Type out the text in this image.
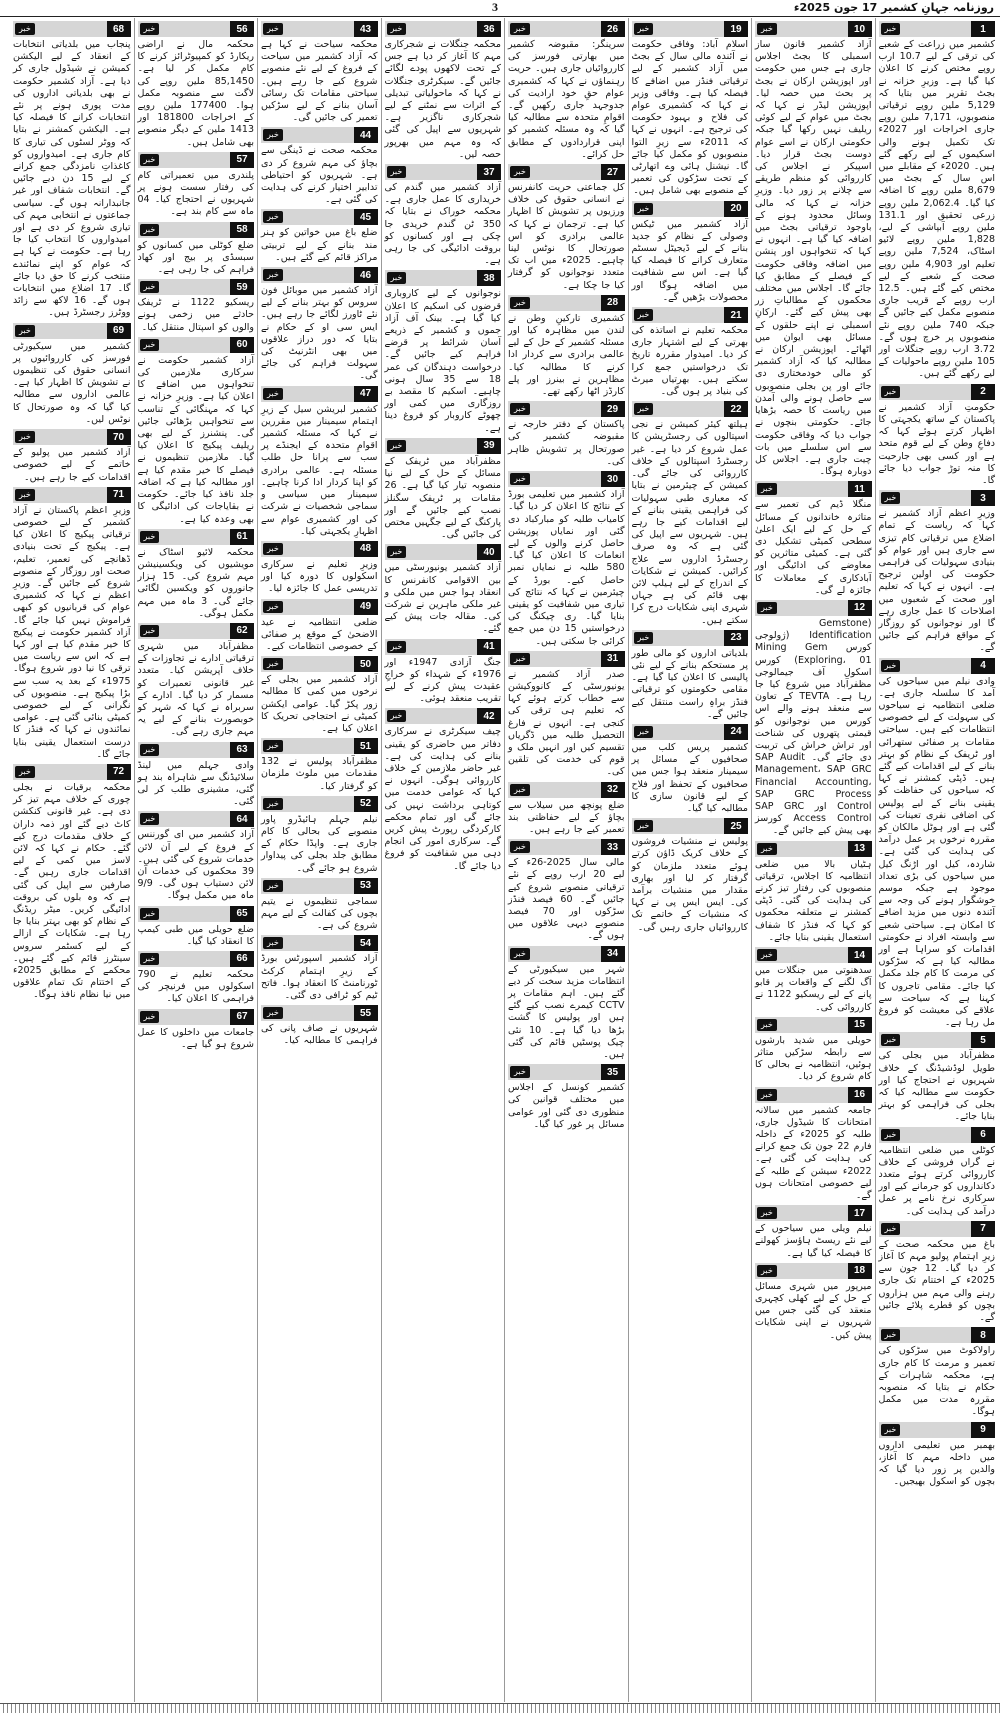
3	روزنامہ جہانِ کشمیر 17 جون 2025ء
1
خبر
کشمیر میں زراعت کے شعبے کی ترقی کے لیے 10.7 ارب روپے مختص کرنے کا اعلان کیا گیا ہے۔ وزیرِ خزانہ نے بجٹ تقریر میں بتایا کہ 5,129 ملین روپے ترقیاتی منصوبوں، 7,171 ملین روپے جاری اخراجات اور 2027ء تک تکمیل ہونے والی اسکیموں کے لیے رکھے گئے ہیں۔ 2020ء کے مقابلے میں اس سال کے بجٹ میں 8,679 ملین روپے کا اضافہ کیا گیا۔ 2,062.4 ملین روپے زرعی تحقیق اور 131.1 ملین روپے آبپاشی کے لیے، 1,828 ملین روپے لائیو اسٹاک، 7,524 ملین روپے تعلیم اور 4,903 ملین روپے صحت کے شعبے کے لیے مختص کیے گئے ہیں۔ 12.5 ارب روپے کے قریب جاری منصوبے مکمل کیے جائیں گے جبکہ 740 ملین روپے نئے منصوبوں پر خرچ ہوں گے۔ 3.72 ارب روپے جنگلات اور 105 ملین روپے ماحولیات کے لیے رکھے گئے ہیں۔
2
خبر
حکومتِ آزاد کشمیر نے پاکستان کے ساتھ یکجہتی کا اظہار کرتے ہوئے کہا کہ دفاعِ وطن کے لیے قوم متحد ہے اور کسی بھی جارحیت کا منہ توڑ جواب دیا جائے گا۔
3
خبر
وزیرِ اعظم آزاد کشمیر نے کہا کہ ریاست کے تمام اضلاع میں ترقیاتی کام تیزی سے جاری ہیں اور عوام کو بنیادی سہولیات کی فراہمی حکومت کی اولین ترجیح ہے۔ انہوں نے کہا کہ تعلیم اور صحت کے شعبوں میں اصلاحات کا عمل جاری رہے گا اور نوجوانوں کو روزگار کے مواقع فراہم کیے جائیں گے۔
4
خبر
وادی نیلم میں سیاحوں کی آمد کا سلسلہ جاری ہے۔ ضلعی انتظامیہ نے سیاحوں کی سہولت کے لیے خصوصی انتظامات کیے ہیں۔ سیاحتی مقامات پر صفائی ستھرائی اور ٹریفک کے نظام کو بہتر بنانے کے لیے اقدامات کیے گئے ہیں۔ ڈپٹی کمشنر نے کہا کہ سیاحوں کی حفاظت کو یقینی بنانے کے لیے پولیس کی اضافی نفری تعینات کی گئی ہے اور ہوٹل مالکان کو مقررہ نرخوں پر عمل درآمد کی ہدایت کی گئی ہے۔ شاردہ، کیل اور اڑنگ کیل میں سیاحوں کی بڑی تعداد موجود ہے جبکہ موسم خوشگوار ہونے کی وجہ سے آئندہ دنوں میں مزید اضافے کا امکان ہے۔ سیاحتی شعبے سے وابستہ افراد نے حکومتی اقدامات کو سراہا ہے اور مطالبہ کیا ہے کہ سڑکوں کی مرمت کا کام جلد مکمل کیا جائے۔ مقامی تاجروں کا کہنا ہے کہ سیاحت سے علاقے کی معیشت کو فروغ مل رہا ہے۔
5
خبر
مظفرآباد میں بجلی کی طویل لوڈشیڈنگ کے خلاف شہریوں نے احتجاج کیا اور حکومت سے مطالبہ کیا کہ بجلی کی فراہمی کو بہتر بنایا جائے۔
6
خبر
کوٹلی میں ضلعی انتظامیہ نے گراں فروشی کے خلاف کارروائی کرتے ہوئے متعدد دکانداروں کو جرمانے کیے اور سرکاری نرخ نامے پر عمل درآمد کی ہدایت کی۔
7
خبر
باغ میں محکمہ صحت کے زیرِ اہتمام پولیو مہم کا آغاز کر دیا گیا۔ 12 جون سے 2025ء کے اختتام تک جاری رہنے والی مہم میں ہزاروں بچوں کو قطرے پلائے جائیں گے۔
8
خبر
راولاکوٹ میں سڑکوں کی تعمیر و مرمت کا کام جاری ہے، محکمہ شاہرات کے حکام نے بتایا کہ منصوبہ مقررہ مدت میں مکمل ہوگا۔
9
خبر
بھمبر میں تعلیمی اداروں میں داخلہ مہم کا آغاز، والدین پر زور دیا گیا کہ بچوں کو اسکول بھیجیں۔
10
خبر
آزاد کشمیر قانون ساز اسمبلی کا بجٹ اجلاس جاری ہے جس میں حکومت اور اپوزیشن ارکان نے بجٹ پر بحث میں حصہ لیا۔ اپوزیشن لیڈر نے کہا کہ بجٹ میں عوام کے لیے کوئی ریلیف نہیں رکھا گیا جبکہ حکومتی ارکان نے اسے عوام دوست بجٹ قرار دیا۔ اسپیکر نے اجلاس کی کارروائی کو منظم طریقے سے چلانے پر زور دیا۔ وزیرِ خزانہ نے کہا کہ مالی وسائل محدود ہونے کے باوجود ترقیاتی بجٹ میں اضافہ کیا گیا ہے۔ انہوں نے کہا کہ تنخواہوں اور پنشن میں اضافہ وفاقی حکومت کے فیصلے کے مطابق کیا جائے گا۔ اجلاس میں مختلف محکموں کے مطالباتِ زر بھی پیش کیے گئے۔ ارکانِ اسمبلی نے اپنے حلقوں کے مسائل بھی ایوان میں اٹھائے۔ اپوزیشن ارکان نے مطالبہ کیا کہ آزاد کشمیر کو مالی خودمختاری دی جائے اور پن بجلی منصوبوں سے حاصل ہونے والی آمدن میں ریاست کا حصہ بڑھایا جائے۔ حکومتی بنچوں نے جواب دیا کہ وفاقی حکومت سے اس سلسلے میں بات چیت جاری ہے۔ اجلاس کل دوبارہ ہوگا۔
11
خبر
منگلا ڈیم کی تعمیر سے متاثرہ خاندانوں کے مسائل کے حل کے لیے ایک اعلیٰ سطحی کمیٹی تشکیل دی گئی ہے۔ کمیٹی متاثرین کو معاوضے کی ادائیگی اور آبادکاری کے معاملات کا جائزہ لے گی۔
12
خبر
(Gemstone Identification (ژولوجی کورس Mining Gem Exploring، 01) کورس اسکول آف جیمالوجی مظفرآباد میں شروع کیا جا رہا ہے۔ TEVTA کے تعاون سے منعقد ہونے والے اس کورس میں نوجوانوں کو قیمتی پتھروں کی شناخت اور تراش خراش کی تربیت دی جائے گی۔ SAP Audit Management، SAP GRC Financial Accounting، SAP GRC Process Control اور SAP GRC Access Control کورسز بھی پیش کیے جائیں گے۔
13
خبر
ہٹیاں بالا میں ضلعی انتظامیہ کا اجلاس، ترقیاتی منصوبوں کی رفتار تیز کرنے کی ہدایت کی گئی۔ ڈپٹی کمشنر نے متعلقہ محکموں کو کہا کہ فنڈز کا شفاف استعمال یقینی بنایا جائے۔
14
خبر
سدھنوتی میں جنگلات میں آگ لگنے کے واقعات پر قابو پانے کے لیے ریسکیو 1122 نے کارروائی کی۔
15
خبر
حویلی میں شدید بارشوں سے رابطہ سڑکیں متاثر ہوئیں، انتظامیہ نے بحالی کا کام شروع کر دیا۔
16
خبر
جامعہ کشمیر میں سالانہ امتحانات کا شیڈول جاری، طلبہ کو 2025ء کے داخلہ فارم 22 جون تک جمع کرانے کی ہدایت کی گئی ہے۔ 2022ء سیشن کے طلبہ کے لیے خصوصی امتحانات ہوں گے۔
17
خبر
نیلم ویلی میں سیاحوں کے لیے نئے ریسٹ ہاؤسز کھولنے کا فیصلہ کیا گیا ہے۔
18
خبر
میرپور میں شہری مسائل کے حل کے لیے کھلی کچہری منعقد کی گئی جس میں شہریوں نے اپنی شکایات پیش کیں۔
19
خبر
اسلام آباد: وفاقی حکومت نے آئندہ مالی سال کے بجٹ میں آزاد کشمیر کے لیے ترقیاتی فنڈز میں اضافے کا فیصلہ کیا ہے۔ وفاقی وزیر نے کہا کہ کشمیری عوام کی فلاح و بہبود حکومت کی ترجیح ہے۔ انہوں نے کہا کہ 2011ء سے زیرِ التوا منصوبوں کو مکمل کیا جائے گا۔ نیشنل ہائی وے اتھارٹی کے تحت سڑکوں کی تعمیر کے منصوبے بھی شامل ہیں۔
20
خبر
آزاد کشمیر میں ٹیکس وصولی کے نظام کو جدید بنانے کے لیے ڈیجیٹل سسٹم متعارف کرانے کا فیصلہ کیا گیا ہے۔ اس سے شفافیت میں اضافہ ہوگا اور محصولات بڑھیں گے۔
21
خبر
محکمہ تعلیم نے اساتذہ کی بھرتی کے لیے اشتہار جاری کر دیا۔ امیدوار مقررہ تاریخ تک درخواستیں جمع کرا سکتے ہیں۔ بھرتیاں میرٹ کی بنیاد پر ہوں گی۔
22
خبر
ہیلتھ کیئر کمیشن نے نجی اسپتالوں کی رجسٹریشن کا عمل شروع کر دیا ہے۔ غیر رجسٹرڈ اسپتالوں کے خلاف کارروائی کی جائے گی۔ کمیشن کے چیئرمین نے بتایا کہ معیاری طبی سہولیات کی فراہمی یقینی بنانے کے لیے اقدامات کیے جا رہے ہیں۔ شہریوں سے اپیل کی گئی ہے کہ وہ صرف رجسٹرڈ اداروں سے علاج کرائیں۔ کمیشن نے شکایات کے اندراج کے لیے ہیلپ لائن بھی قائم کی ہے جہاں شہری اپنی شکایات درج کرا سکتے ہیں۔
23
خبر
بلدیاتی اداروں کو مالی طور پر مستحکم بنانے کے لیے نئی پالیسی کا اعلان کیا گیا ہے۔ مقامی حکومتوں کو ترقیاتی فنڈز براہِ راست منتقل کیے جائیں گے۔
24
خبر
کشمیر پریس کلب میں صحافیوں کے مسائل پر سیمینار منعقد ہوا جس میں صحافیوں کے تحفظ اور فلاح کے لیے قانون سازی کا مطالبہ کیا گیا۔
25
خبر
پولیس نے منشیات فروشوں کے خلاف کریک ڈاؤن کرتے ہوئے متعدد ملزمان کو گرفتار کر لیا اور بھاری مقدار میں منشیات برآمد کی۔ ایس ایس پی نے کہا کہ منشیات کے خاتمے تک کارروائیاں جاری رہیں گی۔
26
خبر
سرینگر: مقبوضہ کشمیر میں بھارتی فورسز کی کارروائیاں جاری ہیں۔ حریت رہنماؤں نے کہا کہ کشمیری عوام حقِ خود ارادیت کی جدوجہد جاری رکھیں گے۔ اقوامِ متحدہ سے مطالبہ کیا گیا کہ وہ مسئلہ کشمیر کو اپنی قراردادوں کے مطابق حل کرائے۔
27
خبر
کل جماعتی حریت کانفرنس نے انسانی حقوق کی خلاف ورزیوں پر تشویش کا اظہار کیا ہے۔ ترجمان نے کہا کہ عالمی برادری کو اس صورتحال کا نوٹس لینا چاہیے۔ 2025ء میں اب تک متعدد نوجوانوں کو گرفتار کیا جا چکا ہے۔
28
خبر
کشمیری تارکینِ وطن نے لندن میں مظاہرہ کیا اور مسئلہ کشمیر کے حل کے لیے عالمی برادری سے کردار ادا کرنے کا مطالبہ کیا۔ مظاہرین نے بینرز اور پلے کارڈز اٹھا رکھے تھے۔
29
خبر
پاکستان کے دفتر خارجہ نے مقبوضہ کشمیر کی صورتحال پر تشویش ظاہر کی۔
30
خبر
آزاد کشمیر میں تعلیمی بورڈ کے نتائج کا اعلان کر دیا گیا۔ کامیاب طلبہ کو مبارکباد دی گئی اور نمایاں پوزیشن حاصل کرنے والوں کے لیے انعامات کا اعلان کیا گیا۔ 580 طلبہ نے نمایاں نمبر حاصل کیے۔ بورڈ کے چیئرمین نے کہا کہ نتائج کی تیاری میں شفافیت کو یقینی بنایا گیا۔ ری چیکنگ کی درخواستیں 15 دن میں جمع کرائی جا سکتی ہیں۔
31
خبر
صدر آزاد کشمیر نے یونیورسٹی کے کانووکیشن سے خطاب کرتے ہوئے کہا کہ تعلیم ہی ترقی کی کنجی ہے۔ انہوں نے فارغ التحصیل طلبہ میں ڈگریاں تقسیم کیں اور انہیں ملک و قوم کی خدمت کی تلقین کی۔
32
خبر
ضلع پونچھ میں سیلاب سے بچاؤ کے لیے حفاظتی بند تعمیر کیے جا رہے ہیں۔
33
خبر
مالی سال 2025-26ء کے لیے 20 ارب روپے کے نئے ترقیاتی منصوبے شروع کیے جائیں گے۔ 60 فیصد فنڈز سڑکوں اور 70 فیصد منصوبے دیہی علاقوں میں ہوں گے۔
34
خبر
شہر میں سیکیورٹی کے انتظامات مزید سخت کر دیے گئے ہیں۔ اہم مقامات پر CCTV کیمرے نصب کیے گئے ہیں اور پولیس کا گشت بڑھا دیا گیا ہے۔ 10 نئی چیک پوسٹیں قائم کی گئی ہیں۔
35
خبر
کشمیر کونسل کے اجلاس میں مختلف قوانین کی منظوری دی گئی اور عوامی مسائل پر غور کیا گیا۔
36
خبر
محکمہ جنگلات نے شجرکاری مہم کا آغاز کر دیا ہے جس کے تحت لاکھوں پودے لگائے جائیں گے۔ سیکرٹری جنگلات نے کہا کہ ماحولیاتی تبدیلی کے اثرات سے نمٹنے کے لیے شجرکاری ناگزیر ہے۔ شہریوں سے اپیل کی گئی کہ وہ مہم میں بھرپور حصہ لیں۔
37
خبر
آزاد کشمیر میں گندم کی خریداری کا عمل جاری ہے۔ محکمہ خوراک نے بتایا کہ 350 ٹن گندم خریدی جا چکی ہے اور کسانوں کو بروقت ادائیگی کی جا رہی ہے۔
38
خبر
نوجوانوں کے لیے کاروباری قرضوں کی اسکیم کا اعلان کیا گیا ہے۔ بینک آف آزاد جموں و کشمیر کے ذریعے آسان شرائط پر قرضے فراہم کیے جائیں گے۔ درخواست دہندگان کی عمر 18 سے 35 سال ہونی چاہیے۔ اسکیم کا مقصد بے روزگاری میں کمی اور چھوٹے کاروبار کو فروغ دینا ہے۔
39
خبر
مظفرآباد میں ٹریفک کے مسائل کے حل کے لیے نیا منصوبہ تیار کیا گیا ہے۔ 26 مقامات پر ٹریفک سگنلز نصب کیے جائیں گے اور پارکنگ کے لیے جگہیں مختص کی جائیں گی۔
40
خبر
آزاد کشمیر یونیورسٹی میں بین الاقوامی کانفرنس کا انعقاد ہوا جس میں ملکی و غیر ملکی ماہرین نے شرکت کی۔ مقالہ جات پیش کیے گئے۔
41
خبر
جنگ آزادی 1947ء اور 1976ء کے شہداء کو خراجِ عقیدت پیش کرنے کے لیے تقریب منعقد ہوئی۔
42
خبر
چیف سیکرٹری نے سرکاری دفاتر میں حاضری کو یقینی بنانے کی ہدایت کی ہے۔ غیر حاضر ملازمین کے خلاف کارروائی ہوگی۔ انہوں نے کہا کہ عوامی خدمت میں کوتاہی برداشت نہیں کی جائے گی اور تمام محکمے کارکردگی رپورٹ پیش کریں گے۔ سرکاری امور کی انجام دہی میں شفافیت کو فروغ دیا جائے گا۔
43
خبر
محکمہ سیاحت نے کہا ہے کہ آزاد کشمیر میں سیاحت کے فروغ کے لیے نئے منصوبے شروع کیے جا رہے ہیں۔ سیاحتی مقامات تک رسائی آسان بنانے کے لیے سڑکیں تعمیر کی جائیں گی۔
44
خبر
محکمہ صحت نے ڈینگی سے بچاؤ کی مہم شروع کر دی ہے۔ شہریوں کو احتیاطی تدابیر اختیار کرنے کی ہدایت کی گئی ہے۔
45
خبر
ضلع باغ میں خواتین کو ہنر مند بنانے کے لیے تربیتی مراکز قائم کیے گئے ہیں۔
46
خبر
آزاد کشمیر میں موبائل فون سروس کو بہتر بنانے کے لیے نئے ٹاورز لگائے جا رہے ہیں۔ ایس سی او کے حکام نے بتایا کہ دور دراز علاقوں میں بھی انٹرنیٹ کی سہولت فراہم کی جائے گی۔
47
خبر
کشمیر لبریشن سیل کے زیرِ اہتمام سیمینار میں مقررین نے کہا کہ مسئلہ کشمیر اقوامِ متحدہ کے ایجنڈے پر سب سے پرانا حل طلب مسئلہ ہے۔ عالمی برادری کو اپنا کردار ادا کرنا چاہیے۔ سیمینار میں سیاسی و سماجی شخصیات نے شرکت کی اور کشمیری عوام سے اظہارِ یکجہتی کیا۔
48
خبر
وزیرِ تعلیم نے سرکاری اسکولوں کا دورہ کیا اور تدریسی عمل کا جائزہ لیا۔
49
خبر
ضلعی انتظامیہ نے عید الاضحیٰ کے موقع پر صفائی کے خصوصی انتظامات کیے۔
50
خبر
آزاد کشمیر میں بجلی کے نرخوں میں کمی کا مطالبہ زور پکڑ گیا۔ عوامی ایکشن کمیٹی نے احتجاجی تحریک کا اعلان کیا ہے۔
51
خبر
مظفرآباد پولیس نے 132 مقدمات میں ملوث ملزمان کو گرفتار کیا۔
52
خبر
نیلم جہلم ہائیڈرو پاور منصوبے کی بحالی کا کام جاری ہے۔ واپڈا حکام کے مطابق جلد بجلی کی پیداوار شروع ہو جائے گی۔
53
خبر
سماجی تنظیموں نے یتیم بچوں کی کفالت کے لیے مہم شروع کی ہے۔
54
خبر
آزاد کشمیر اسپورٹس بورڈ کے زیرِ اہتمام کرکٹ ٹورنامنٹ کا انعقاد ہوا۔ فاتح ٹیم کو ٹرافی دی گئی۔
55
خبر
شہریوں نے صاف پانی کی فراہمی کا مطالبہ کیا۔
56
خبر
محکمہ مال نے اراضی ریکارڈ کو کمپیوٹرائز کرنے کا کام مکمل کر لیا ہے۔ 85,1450 ملین روپے کی لاگت سے منصوبہ مکمل ہوا۔ 177400 ملین روپے کے اخراجات 181800 اور 1413 ملین کے دیگر منصوبے بھی شامل ہیں۔
57
خبر
پلندری میں تعمیراتی کام کی رفتار سست ہونے پر شہریوں نے احتجاج کیا۔ 04 ماہ سے کام بند ہے۔
58
خبر
ضلع کوٹلی میں کسانوں کو سبسڈی پر بیج اور کھاد فراہم کی جا رہی ہے۔
59
خبر
ریسکیو 1122 نے ٹریفک حادثے میں زخمی ہونے والوں کو اسپتال منتقل کیا۔
60
خبر
آزاد کشمیر حکومت نے سرکاری ملازمین کی تنخواہوں میں اضافے کا اعلان کیا ہے۔ وزیرِ خزانہ نے کہا کہ مہنگائی کے تناسب سے تنخواہیں بڑھائی جائیں گی۔ پنشنرز کے لیے بھی ریلیف پیکیج کا اعلان کیا گیا۔ ملازمین تنظیموں نے فیصلے کا خیر مقدم کیا ہے اور مطالبہ کیا ہے کہ اضافہ جلد نافذ کیا جائے۔ حکومت نے بقایاجات کی ادائیگی کا بھی وعدہ کیا ہے۔
61
خبر
محکمہ لائیو اسٹاک نے مویشیوں کی ویکسینیشن مہم شروع کی۔ 15 ہزار جانوروں کو ویکسین لگائی جائے گی۔ 3 ماہ میں مہم مکمل ہوگی۔
62
خبر
مظفرآباد میں شہری ترقیاتی ادارے نے تجاوزات کے خلاف آپریشن کیا۔ متعدد غیر قانونی تعمیرات کو مسمار کر دیا گیا۔ ادارے کے سربراہ نے کہا کہ شہر کو خوبصورت بنانے کے لیے یہ مہم جاری رہے گی۔
63
خبر
وادی جہلم میں لینڈ سلائیڈنگ سے شاہراہ بند ہو گئی، مشینری طلب کر لی گئی۔
64
خبر
آزاد کشمیر میں ای گورننس کے فروغ کے لیے آن لائن خدمات شروع کی گئی ہیں۔ 39 محکموں کی خدمات آن لائن دستیاب ہوں گی۔ 9/9 ماہ میں مکمل ہوگا۔
65
خبر
ضلع حویلی میں طبی کیمپ کا انعقاد کیا گیا۔
66
خبر
محکمہ تعلیم نے 790 اسکولوں میں فرنیچر کی فراہمی کا اعلان کیا۔
67
خبر
جامعات میں داخلوں کا عمل شروع ہو گیا ہے۔
68
خبر
پنجاب میں بلدیاتی انتخابات کے انعقاد کے لیے الیکشن کمیشن نے شیڈول جاری کر دیا ہے۔ آزاد کشمیر حکومت نے بھی بلدیاتی اداروں کی مدت پوری ہونے پر نئے انتخابات کرانے کا فیصلہ کیا ہے۔ الیکشن کمشنر نے بتایا کہ ووٹر لسٹوں کی تیاری کا کام جاری ہے۔ امیدواروں کو کاغذاتِ نامزدگی جمع کرانے کے لیے 15 دن دیے جائیں گے۔ انتخابات شفاف اور غیر جانبدارانہ ہوں گے۔ سیاسی جماعتوں نے انتخابی مہم کی تیاری شروع کر دی ہے اور امیدواروں کا انتخاب کیا جا رہا ہے۔ حکومت نے کہا ہے کہ عوام کو اپنے نمائندے منتخب کرنے کا حق دیا جائے گا۔ 17 اضلاع میں انتخابات ہوں گے۔ 16 لاکھ سے زائد ووٹرز رجسٹرڈ ہیں۔
69
خبر
کشمیر میں سیکیورٹی فورسز کی کارروائیوں پر انسانی حقوق کی تنظیموں نے تشویش کا اظہار کیا ہے۔ عالمی اداروں سے مطالبہ کیا گیا کہ وہ صورتحال کا نوٹس لیں۔
70
خبر
آزاد کشمیر میں پولیو کے خاتمے کے لیے خصوصی اقدامات کیے جا رہے ہیں۔
71
خبر
وزیرِ اعظم پاکستان نے آزاد کشمیر کے لیے خصوصی ترقیاتی پیکیج کا اعلان کیا ہے۔ پیکیج کے تحت بنیادی ڈھانچے کی تعمیر، تعلیم، صحت اور روزگار کے منصوبے شروع کیے جائیں گے۔ وزیرِ اعظم نے کہا کہ کشمیری عوام کی قربانیوں کو کبھی فراموش نہیں کیا جائے گا۔ آزاد کشمیر حکومت نے پیکیج کا خیر مقدم کیا ہے اور کہا ہے کہ اس سے ریاست میں ترقی کا نیا دور شروع ہوگا۔ 1975ء کے بعد یہ سب سے بڑا پیکیج ہے۔ منصوبوں کی نگرانی کے لیے خصوصی کمیٹی بنائی گئی ہے۔ عوامی نمائندوں نے کہا کہ فنڈز کا درست استعمال یقینی بنایا جائے گا۔
72
خبر
محکمہ برقیات نے بجلی چوری کے خلاف مہم تیز کر دی ہے۔ غیر قانونی کنکشن کاٹ دیے گئے اور ذمہ داران کے خلاف مقدمات درج کیے گئے۔ حکام نے کہا کہ لائن لاسز میں کمی کے لیے اقدامات جاری رہیں گے۔ صارفین سے اپیل کی گئی ہے کہ وہ بلوں کی بروقت ادائیگی کریں۔ میٹر ریڈنگ کے نظام کو بھی بہتر بنایا جا رہا ہے۔ شکایات کے ازالے کے لیے کسٹمر سروس سینٹرز قائم کیے گئے ہیں۔ محکمے کے مطابق 2025ء کے اختتام تک تمام علاقوں میں نیا نظام نافذ ہوگا۔
